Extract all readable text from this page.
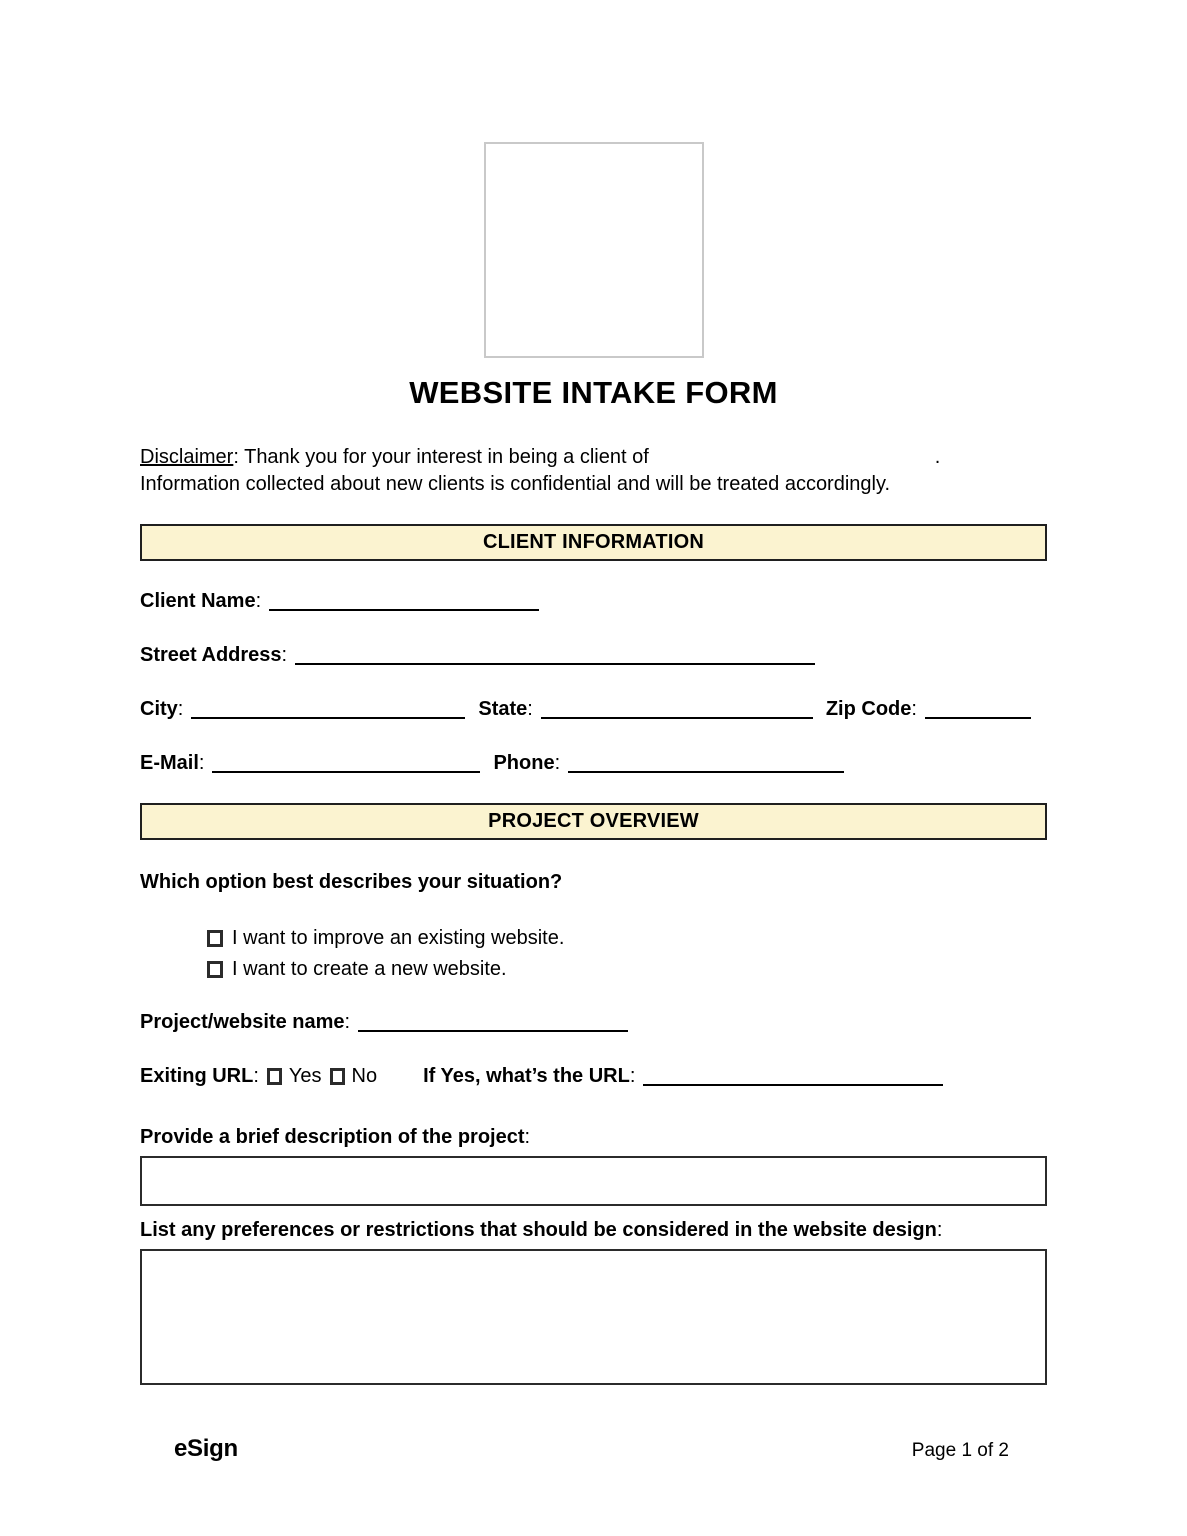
WEBSITE INTAKE FORM

Disclaimer: Thank you for your interest in being a client of	.
Information collected about new clients is confidential and will be treated accordingly.

CLIENT INFORMATION
Client Name:
Street Address:
City:	State:	Zip Code:
E-Mail:	Phone:
PROJECT OVERVIEW
Which option best describes your situation?
I want to improve an existing website.
I want to create a new website.
Project/website name:
Exiting URL: Yes No If Yes, what’s the URL:
Provide a brief description of the project:
List any preferences or restrictions that should be considered in the website design:
eSign	Page 1 of 2
